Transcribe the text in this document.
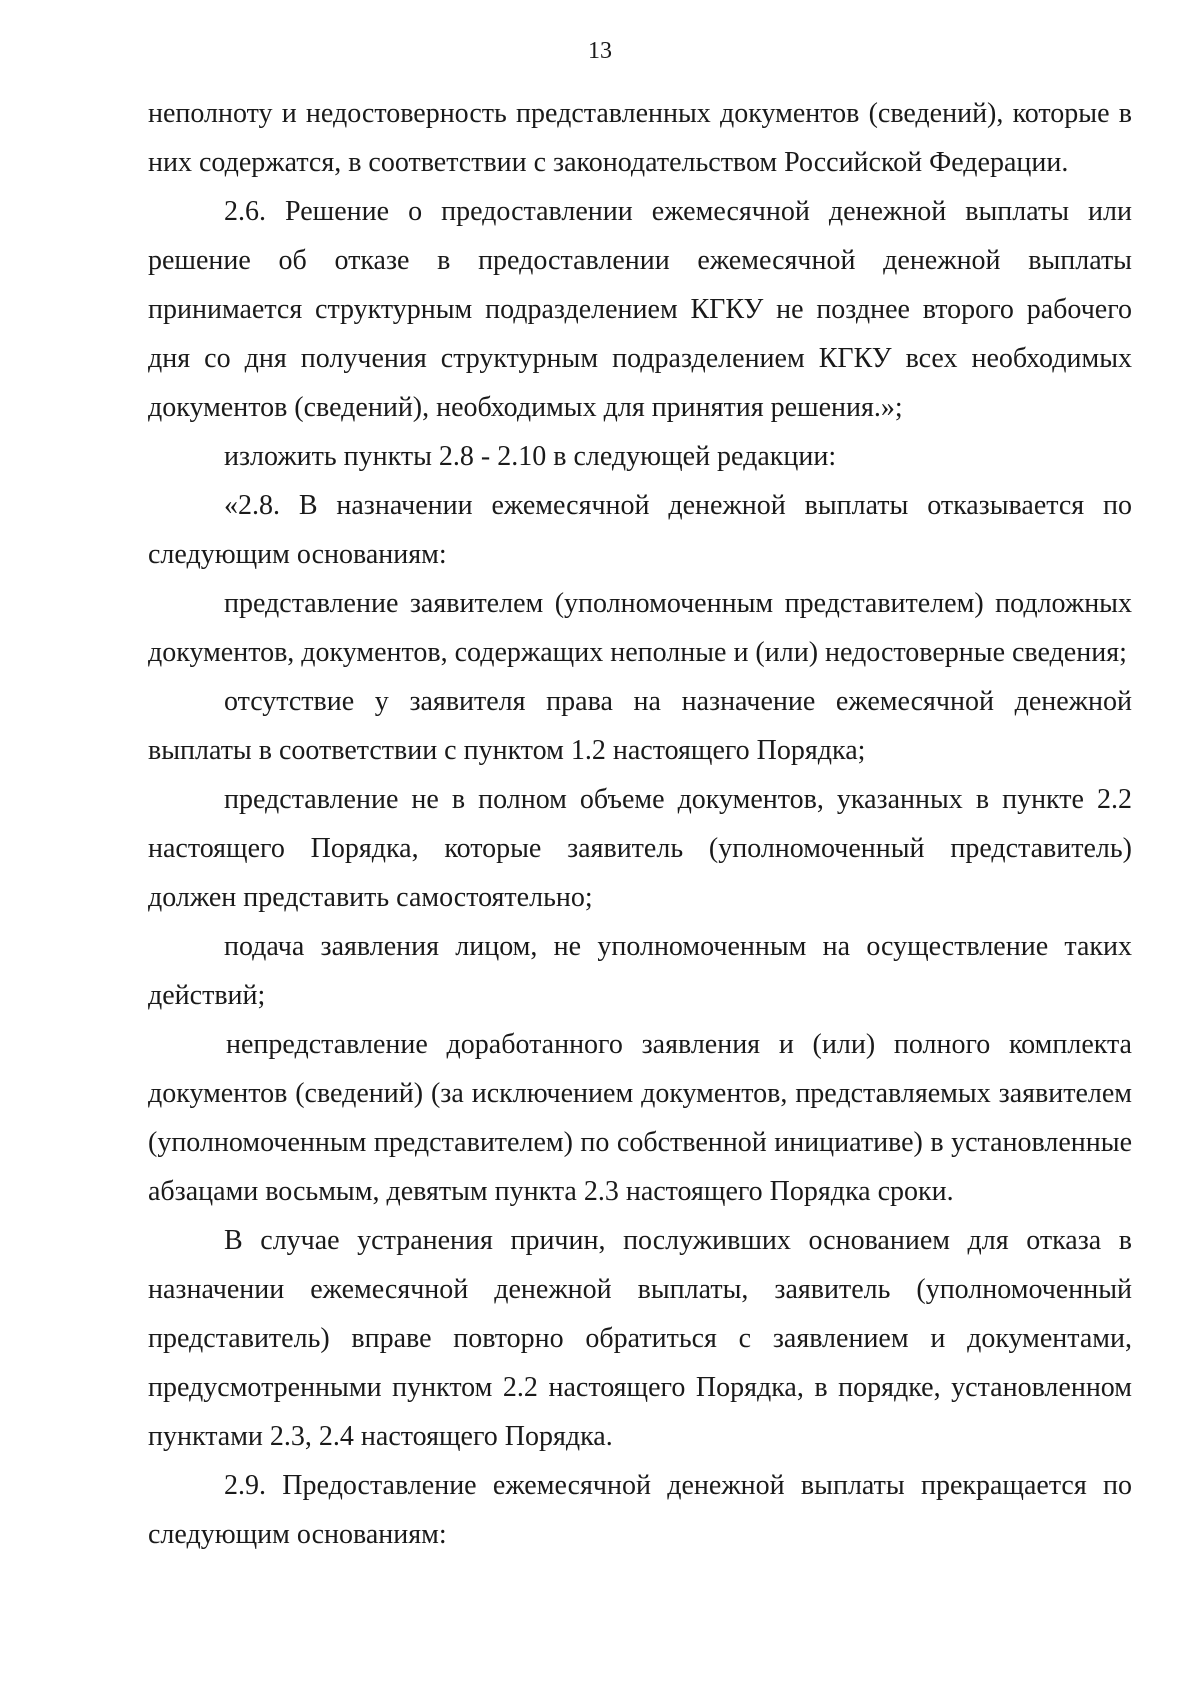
13

неполноту и недостоверность представленных документов (сведений), которые в них содержатся, в соответствии с законодательством Российской Федерации.

2.6. Решение о предоставлении ежемесячной денежной выплаты или решение об отказе в предоставлении ежемесячной денежной выплаты принимается структурным подразделением КГКУ не позднее второго рабочего дня со дня получения структурным подразделением КГКУ всех необходимых документов (сведений), необходимых для принятия решения.»;

изложить пункты 2.8 - 2.10 в следующей редакции:

«2.8. В назначении ежемесячной денежной выплаты отказывается по следующим основаниям:

представление заявителем (уполномоченным представителем) подложных документов, документов, содержащих неполные и (или) недостоверные сведения;

отсутствие у заявителя права на назначение ежемесячной денежной выплаты в соответствии с пунктом 1.2 настоящего Порядка;

представление не в полном объеме документов, указанных в пункте 2.2 настоящего Порядка, которые заявитель (уполномоченный представитель) должен представить самостоятельно;

подача заявления лицом, не уполномоченным на осуществление таких действий;

непредставление доработанного заявления и (или) полного комплекта документов (сведений) (за исключением документов, представляемых заявителем (уполномоченным представителем) по собственной инициативе) в установленные абзацами восьмым, девятым пункта 2.3 настоящего Порядка сроки.

В случае устранения причин, послуживших основанием для отказа в назначении ежемесячной денежной выплаты, заявитель (уполномоченный представитель) вправе повторно обратиться с заявлением и документами, предусмотренными пунктом 2.2 настоящего Порядка, в порядке, установленном пунктами 2.3, 2.4 настоящего Порядка.

2.9. Предоставление ежемесячной денежной выплаты прекращается по следующим основаниям:
